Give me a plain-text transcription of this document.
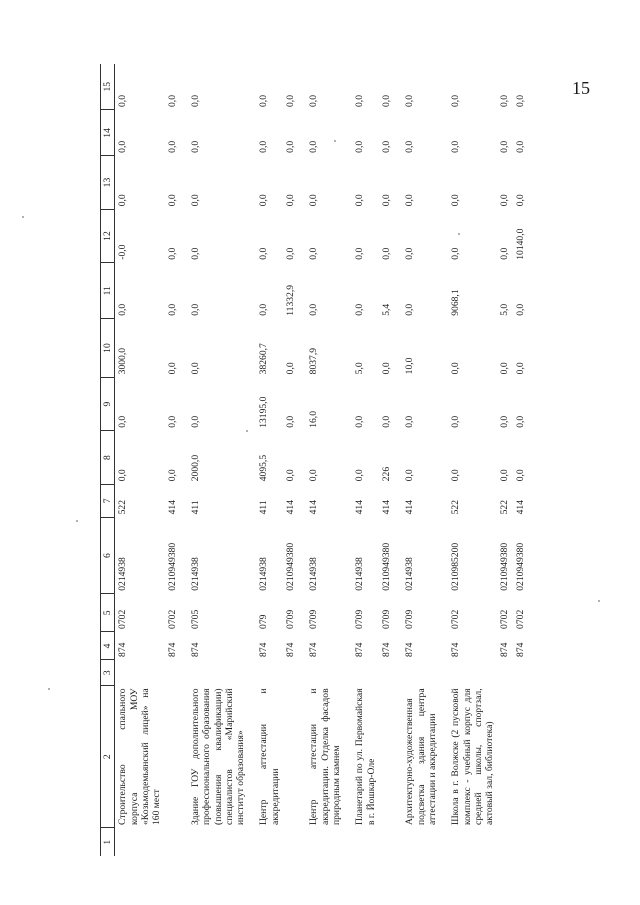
15
1	2	3	4	5	6	7	8	9	10	11	12	13	14	15
	Строительство спального корпуса МОУ «Козьмодемьянский лицей» на 160 мест		874	0702	0214938	522	0,0	0,0	3000,0	0,0	-0,0	0,0	0,0	0,0
			874	0702	0210949380	414	0,0	0,0	0,0	0,0	0,0	0,0	0,0	0,0
	Здание ГОУ дополнительного профессионального образования (повышения квалификации) специалистов «Марийский институт образования»		874	0705	0214938	411	2000,0	0,0	0,0	0,0	0,0	0,0	0,0	0,0
	Центр аттестации и аккредитации		874	079	0214938	411	4095,5	13195,0	38260,7	0,0	0,0	0,0	0,0	0,0
			874	0709	0210949380	414	0,0	0,0	0,0	11332,9	0,0	0,0	0,0	0,0
	Центр аттестации и аккредитации. Отделка фасадов природным камнем		874	0709	0214938	414	0,0	16,0	8037,9	0,0	0,0	0,0	0,0	0,0
	Планетарий по ул. Первомайская в г. Йошкар-Оле		874	0709	0214938	414	0,0	0,0	5,0	0,0	0,0	0,0	0,0	0,0
			874	0709	0210949380	414	226	0,0	0,0	5,4	0,0	0,0	0,0	0,0
	Архитектурно-художественная подсветка здания центра аттестации и аккредитации		874	0709	0214938	414	0,0	0,0	10,0	0,0	0,0	0,0	0,0	0,0
	Школа в г. Волжске (2 пусковой комплекс - учебный корпус для средней школы, спортзал, актовый зал, библиотека)		874	0702	0210985200	522	0,0	0,0	0,0	9068,1	0,0	0,0	0,0	0,0
			874	0702	0210949380	522	0,0	0,0	0,0	5,0	0,0	0,0	0,0	0,0
			874	0702	0210949380	414	0,0	0,0	0,0	0,0	10140,0	0,0	0,0	0,0
